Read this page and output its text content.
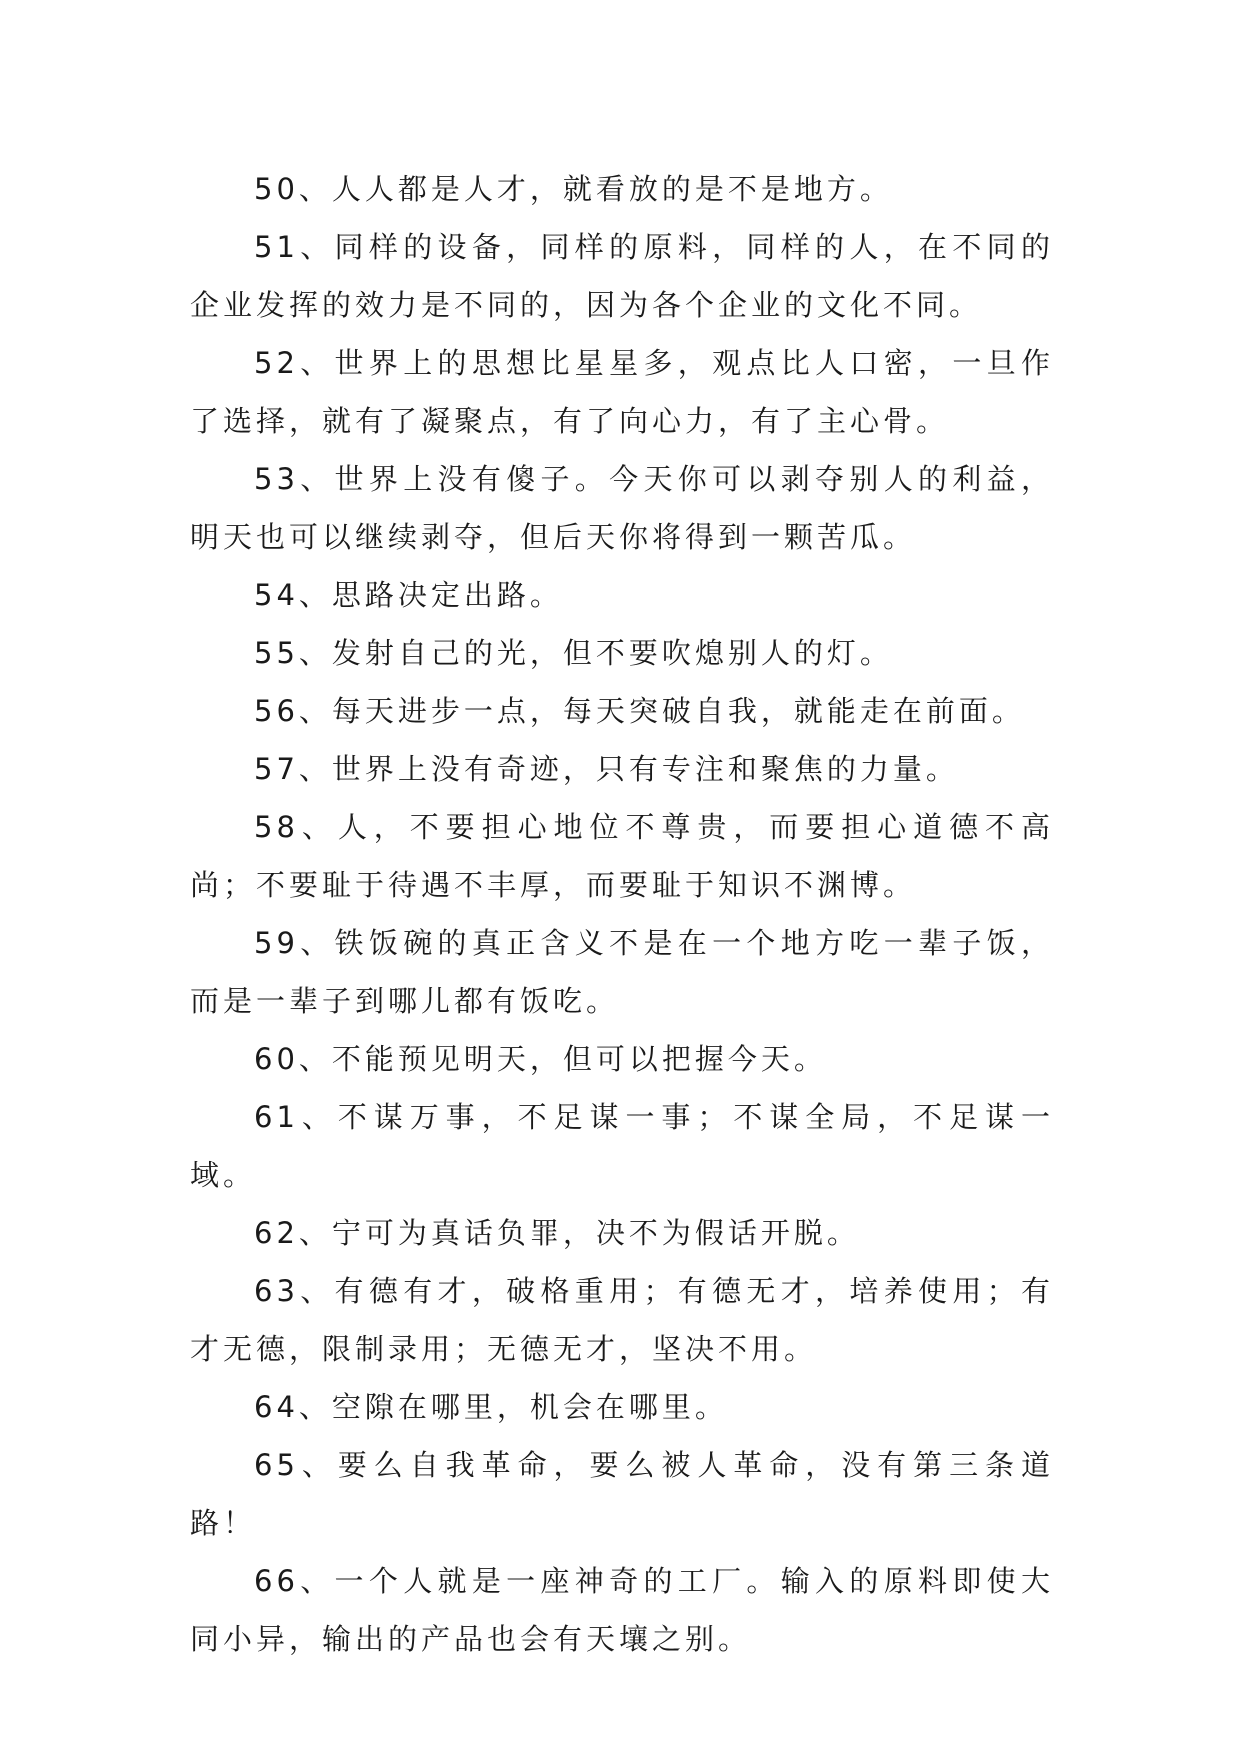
50、人人都是人才，就看放的是不是地方。

51、同样的设备，同样的原料，同样的人，在不同的企业发挥的效力是不同的，因为各个企业的文化不同。

52、世界上的思想比星星多，观点比人口密，一旦作了选择，就有了凝聚点，有了向心力，有了主心骨。

53、世界上没有傻子。今天你可以剥夺别人的利益，明天也可以继续剥夺，但后天你将得到一颗苦瓜。

54、思路决定出路。

55、发射自己的光，但不要吹熄别人的灯。

56、每天进步一点，每天突破自我，就能走在前面。

57、世界上没有奇迹，只有专注和聚焦的力量。

58、人，不要担心地位不尊贵，而要担心道德不高尚；不要耻于待遇不丰厚，而要耻于知识不渊博。

59、铁饭碗的真正含义不是在一个地方吃一辈子饭，而是一辈子到哪儿都有饭吃。

60、不能预见明天，但可以把握今天。

61、不谋万事，不足谋一事；不谋全局，不足谋一域。

62、宁可为真话负罪，决不为假话开脱。

63、有德有才，破格重用；有德无才，培养使用；有才无德，限制录用；无德无才，坚决不用。

64、空隙在哪里，机会在哪里。

65、要么自我革命，要么被人革命，没有第三条道路！

66、一个人就是一座神奇的工厂。输入的原料即使大同小异，输出的产品也会有天壤之别。
